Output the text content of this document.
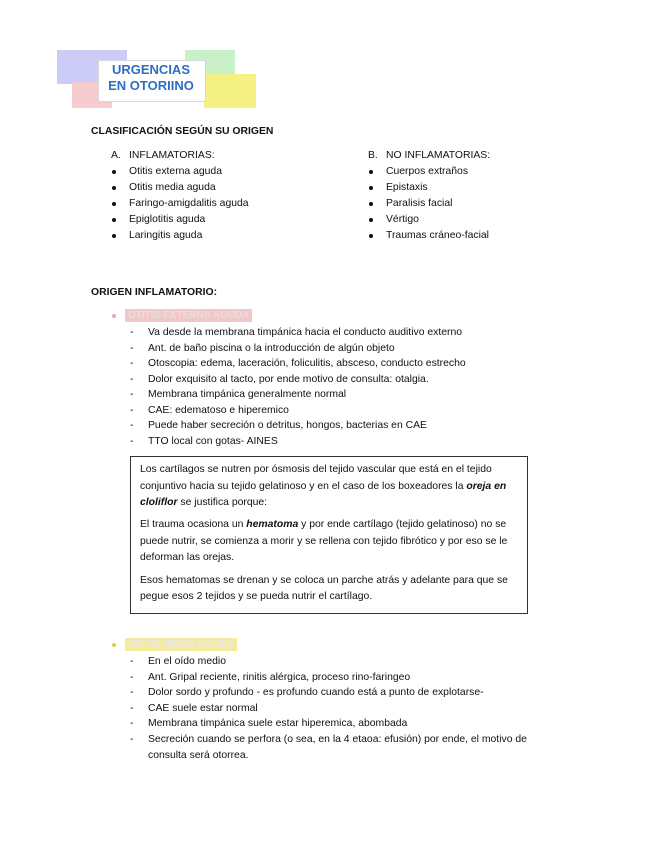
URGENCIAS
EN OTORIINO
CLASIFICACIÓN SEGÚN SU ORIGEN
A. INFLAMATORIAS:
Otitis externa aguda
Otitis media aguda
Faringo-amigdalitis aguda
Epiglotitis aguda
Laringitis aguda
B. NO INFLAMATORIAS:
Cuerpos extraños
Epistaxis
Paralisis facial
Vértigo
Traumas cráneo-facial
ORIGEN INFLAMATORIO:
OTITIS EXTERNA AGUDA
- Va desde la membrana timpánica hacia el conducto auditivo externo
- Ant. de baño piscina o la introducción de algún objeto
- Otoscopia: edema, laceración, foliculitis, absceso, conducto estrecho
- Dolor exquisito al tacto, por ende motivo de consulta: otalgia.
- Membrana timpánica generalmente normal
- CAE: edematoso e hiperemico
- Puede haber secreción o detritus, hongos, bacterias en CAE
- TTO local con gotas- AINES
Los cartílagos se nutren por ósmosis del tejido vascular que está en el tejido
conjuntivo hacia su tejido gelatinoso y en el caso de los boxeadores la oreja en
cloliflor se justifica porque:
El trauma ocasiona un hematoma y por ende cartílago (tejido gelatinoso) no se
puede nutrir, se comienza a morir y se rellena con tejido fibrótico y por eso se le
deforman las orejas.
Esos hematomas se drenan y se coloca un parche atrás y adelante para que se
pegue esos 2 tejidos y se pueda nutrir el cartílago.
OTITIS MEDIA AGUDA
- En el oído medio
- Ant. Gripal reciente, rinitis alérgica, proceso rino-faringeo
- Dolor sordo y profundo - es profundo cuando está a punto de explotarse-
- CAE suele estar normal
- Membrana timpánica suele estar hiperemica, abombada
- Secreción cuando se perfora (o sea, en la 4 etaoa: efusión) por ende, el motivo de
consulta será otorrea.
